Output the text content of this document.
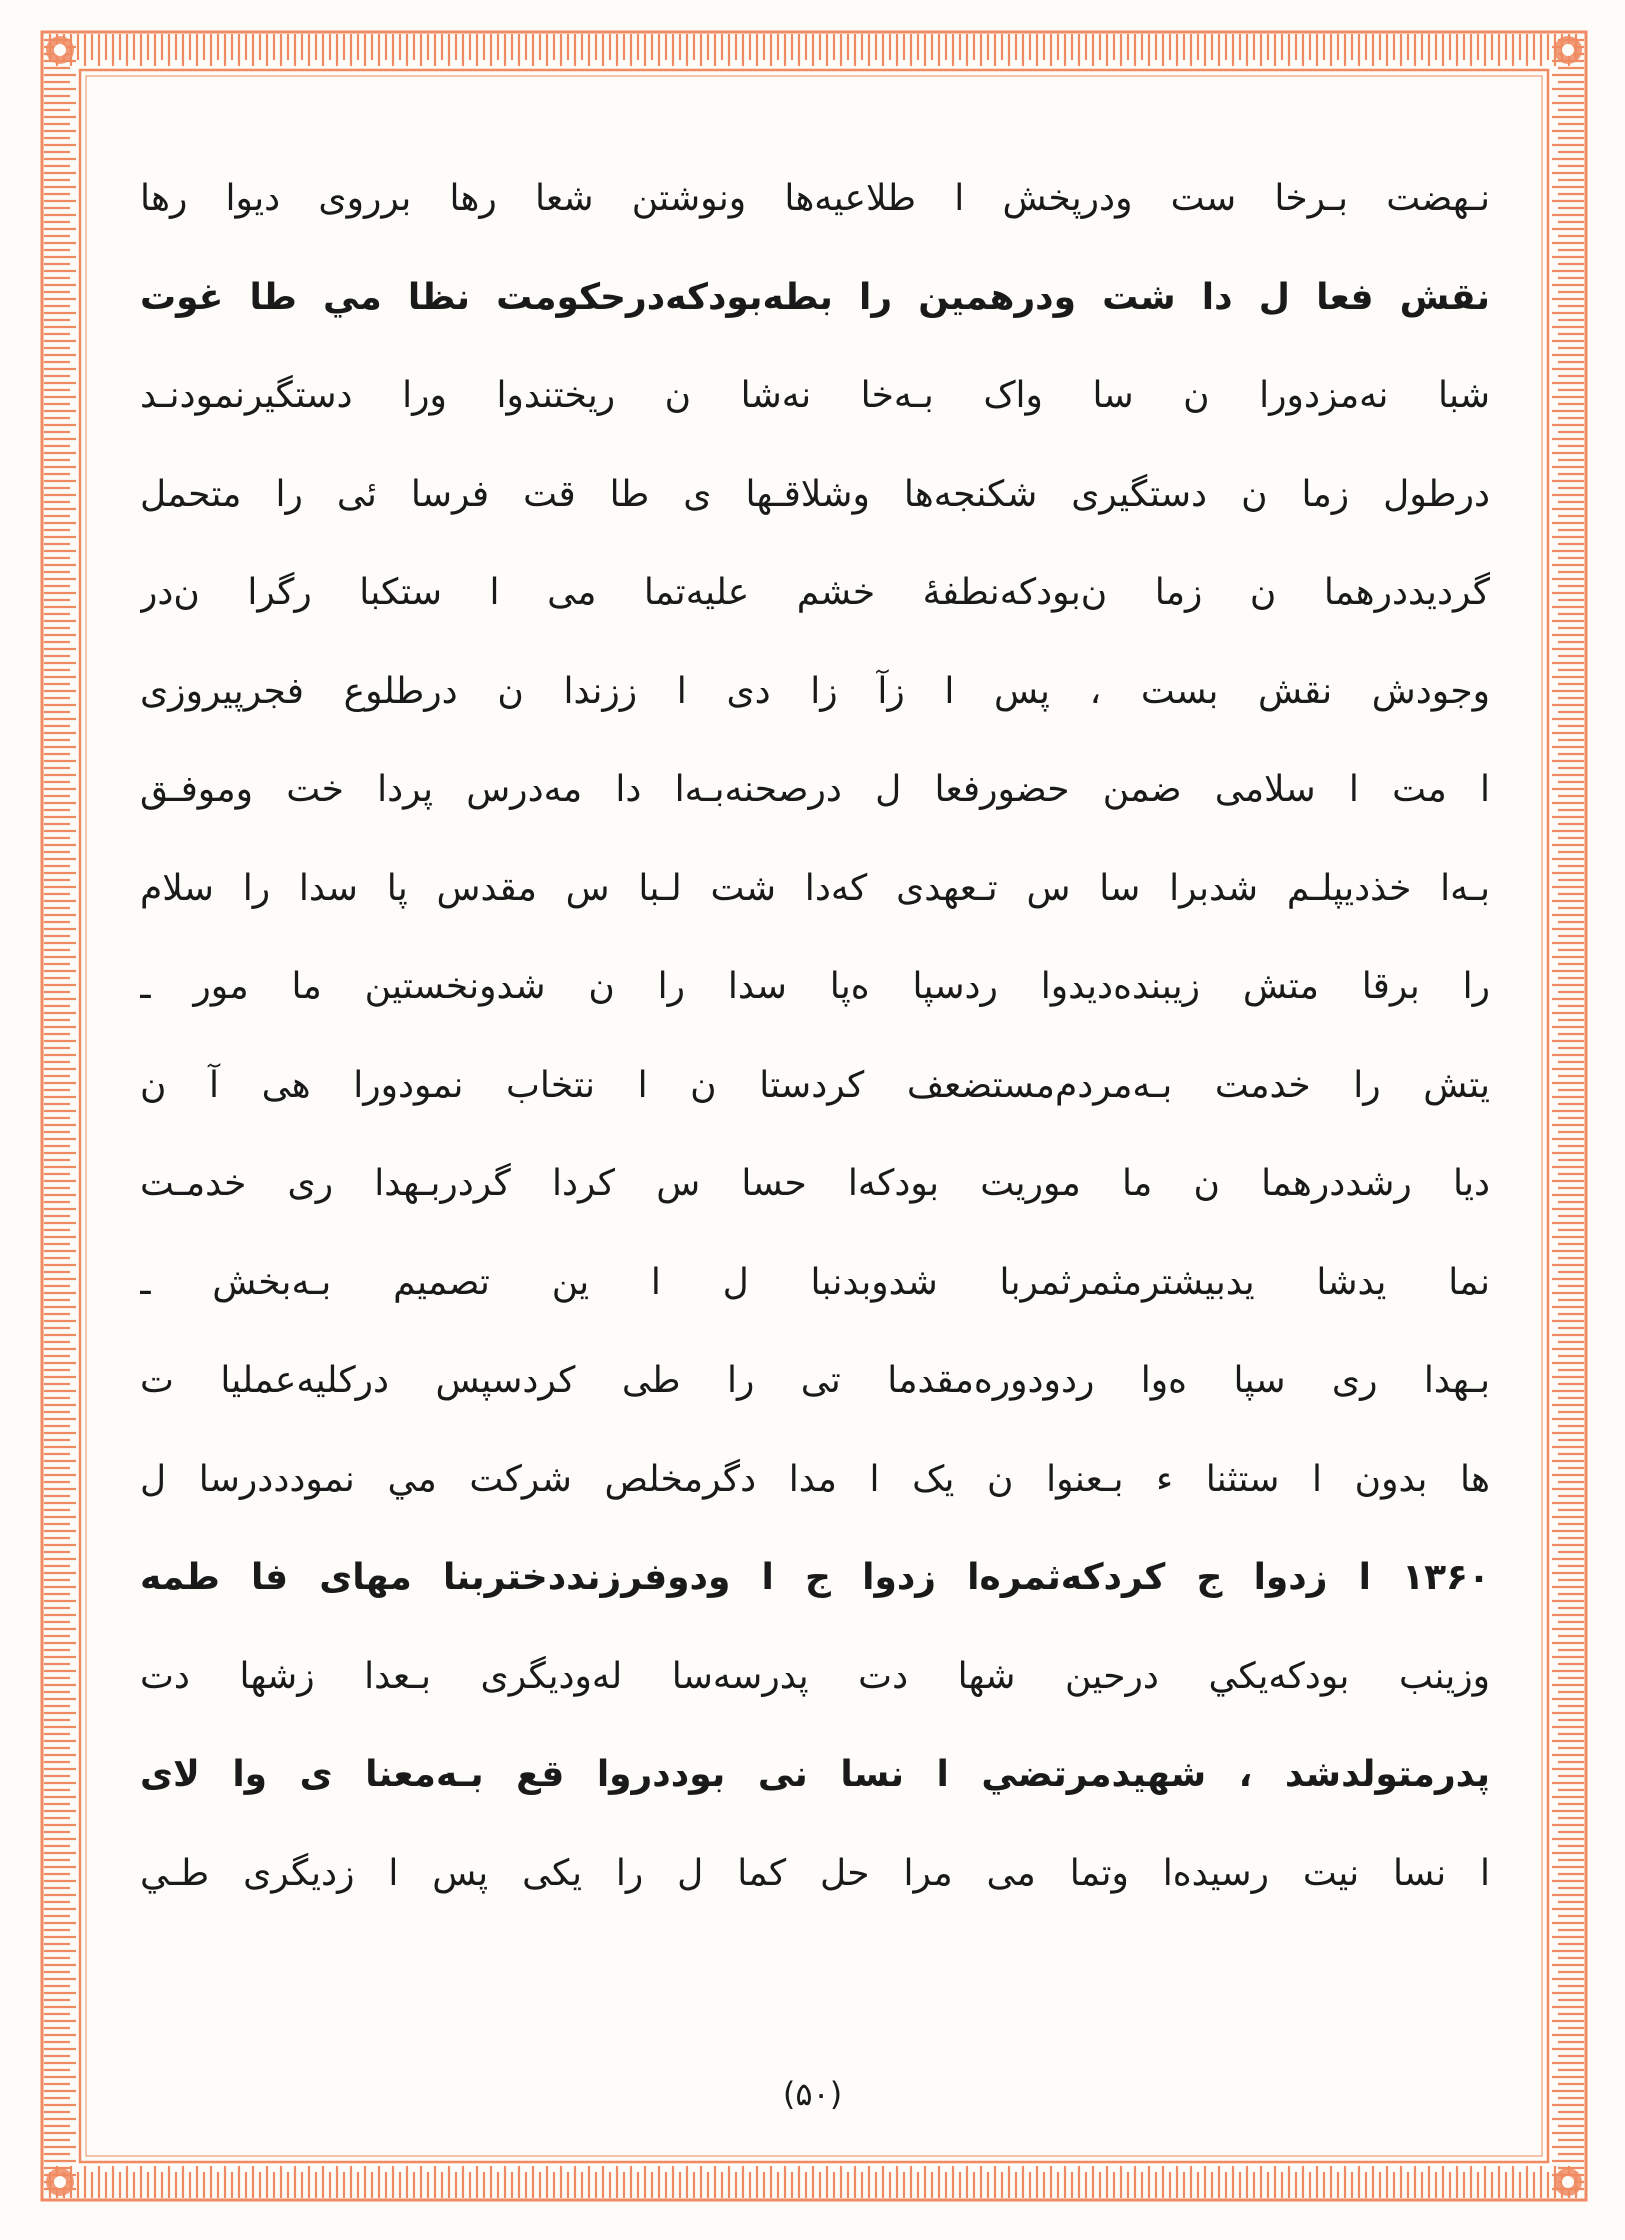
نـهضت بـرخا ست ودرپخش ا طلاعيه‌ها ونوشتن شعا رها برروی ديوا رها
نقش فعا ل دا شت ودرهمين را بطه‌بودكه‌درحكومت نظا مي طا غوت
شبا نه‌مزدورا ن سا واک بـه‌خا نه‌شا ن ريختندوا ورا دستگيرنمودنـد
درطول زما ن دستگيری شكنجه‌ها وشلاقـها ی طا قت فرسا ئی را متحمل
گرديددرهما ن زما ن‌بودكه‌نطفهٔ خشم عليه‌تما می ا ستكبا رگرا ن‌در
وجودش نقش بست ، پس ا زآ زا دی ا ززندا ن درطلوع فجرپيروزی
ا مت ا سلامی ضمن حضورفعا ل درصحنه‌بـه‌ا دا مه‌درس پردا خت وموفـق
بـه‌ا خذديپلـم شدبرا سا س تـعهدی كه‌دا شت لـبا س مقدس پا سدا را سلام
را برقا متش زيبنده‌ديدوا ردسپا ه‌پا سدا را ن شدونخستين ما مور ـ
يتش را خدمت بـه‌مردم‌مستضعف كردستا ن ا نتخاب نمودورا هی آ ن
ديا رشددرهما ن ما موريت بودكه‌ا حسا س كردا گردربـهدا ری خدمـت
نما يدشا يدبيشترمثمرثمربا شدوبدنبا ل ا ين تصميم بـه‌بخش ـ
بـهدا ری سپا ه‌وا ردودوره‌مقدما تی را طی كردسپس دركليه‌عمليا ت
ها بدون ا ستثنا ء بـعنوا ن يک ا مدا دگرمخلص شركت مي نمودددرسا ل
۱۳۶۰ ا زدوا ج كردكه‌ثمره‌ا زدوا ج ا ودوفرزنددختربنا مهای فا طمه
وزينب بودكه‌يكي درحين شها دت پدرسه‌سا له‌وديگری بـعدا زشها دت
پدرمتولدشد ، شهيدمرتضي ا نسا نی بوددروا قع بـه‌معنا ی وا لای
ا نسا نيت رسيده‌ا وتما می مرا حل كما ل را يكی پس ا زديگری طـي
(۵۰)
